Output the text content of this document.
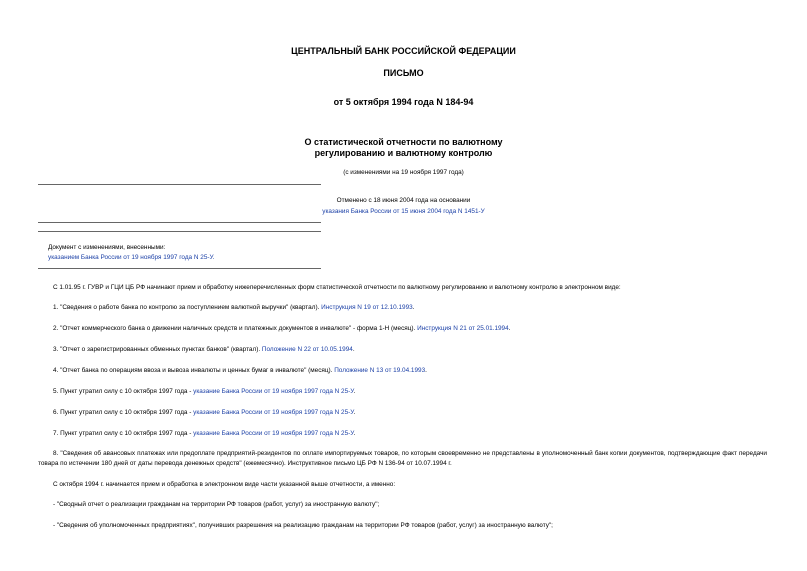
ЦЕНТРАЛЬНЫЙ БАНК РОССИЙСКОЙ ФЕДЕРАЦИИ
ПИСЬМО
от 5 октября 1994 года N 184-94
О статистической отчетности по валютному
регулированию и валютному контролю
(с изменениями на 19 ноября 1997 года)
Отменено с 18 июня 2004 года на основании
указания Банка России от 15 июня 2004 года N 1451-У
Документ с изменениями, внесенными:
указанием Банка России от 19 ноября 1997 года N 25-У.
С 1.01.95 г. ГУВР и ГЦИ ЦБ РФ начинают прием и обработку нижеперечисленных форм статистической отчетности по валютному регулированию и валютному контролю в электронном виде:
1. "Сведения о работе банка по контролю за поступлением валютной выручки" (квартал). Инструкция N 19 от 12.10.1993.
2. "Отчет коммерческого банка о движении наличных средств и платежных документов в инвалюте" - форма 1-Н (месяц). Инструкция N 21 от 25.01.1994.
3. "Отчет о зарегистрированных обменных пунктах банков" (квартал). Положение N 22 от 10.05.1994.
4. "Отчет банка по операциям ввоза и вывоза инвалюты и ценных бумаг в инвалюте" (месяц). Положение N 13 от 19.04.1993.
5. Пункт утратил силу с 10 октября 1997 года - указание Банка России от 19 ноября 1997 года N 25-У.
6. Пункт утратил силу с 10 октября 1997 года - указание Банка России от 19 ноября 1997 года N 25-У.
7. Пункт утратил силу с 10 октября 1997 года - указание Банка России от 19 ноября 1997 года N 25-У.
8. "Сведения об авансовых платежах или предоплате предприятий-резидентов по оплате импортируемых товаров, по которым своевременно не представлены в уполномоченный банк копии документов, подтверждающие факт передачи товара по истечении 180 дней от даты перевода денежных средств" (ежемесячно). Инструктивное письмо ЦБ РФ N 136-94 от 10.07.1994 г.
С октября 1994 г. начинается прием и обработка в электронном виде части указанной выше отчетности, а именно:
- "Сводный отчет о реализации гражданам на территории РФ товаров (работ, услуг) за иностранную валюту";
- "Сведения об уполномоченных предприятиях", получивших разрешения на реализацию гражданам на территории РФ товаров (работ, услуг) за иностранную валюту";
